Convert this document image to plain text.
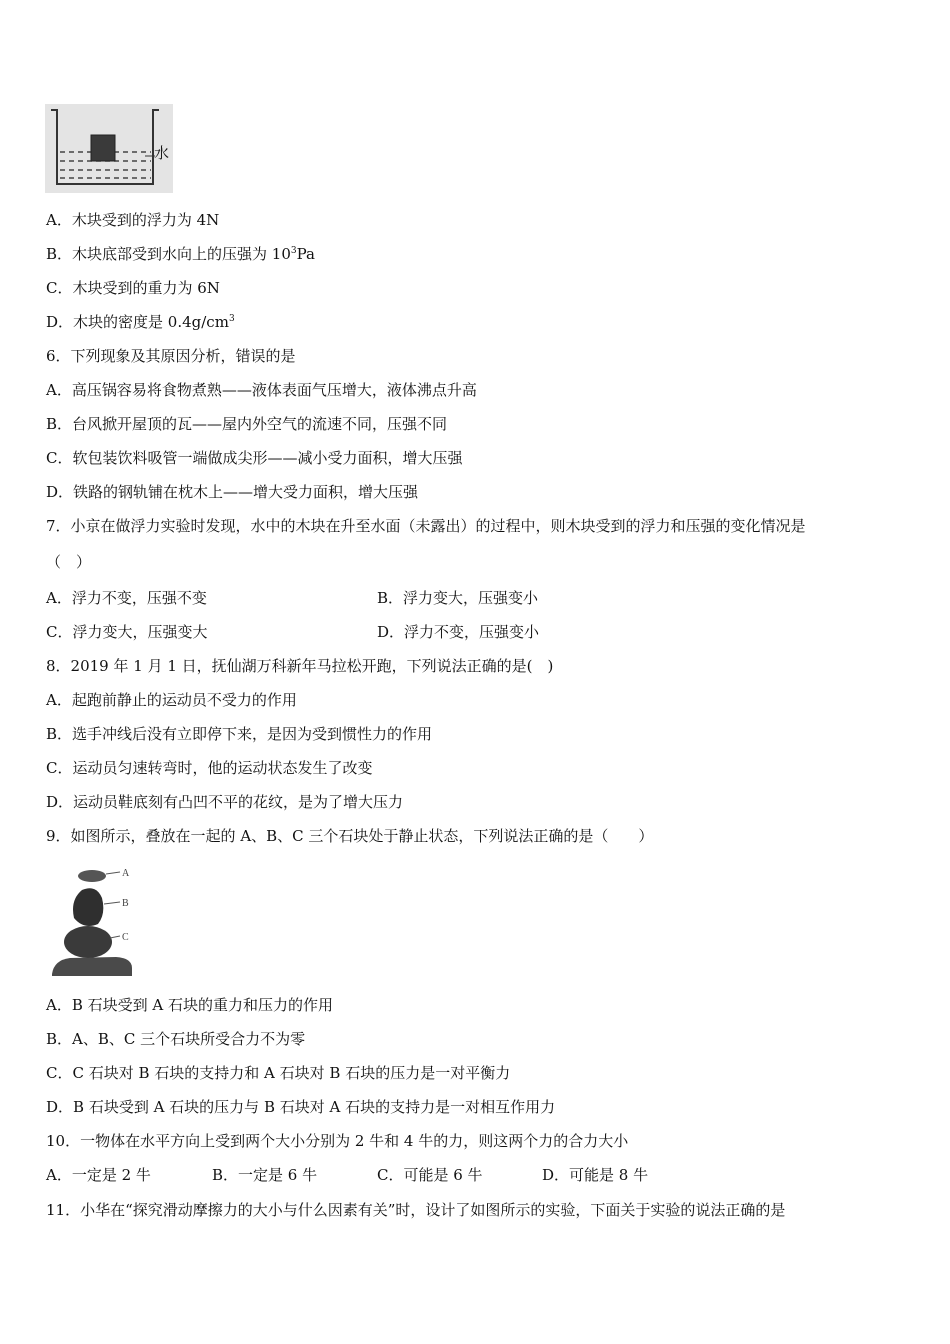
水
A．木块受到的浮力为 4N
B．木块底部受到水向上的压强为 $10^3Pa$
C．木块受到的重力为 6N
D．木块的密度是 $0.4g/cm^3$
6．下列现象及其原因分析，错误的是
A．高压锅容易将食物煮熟——液体表面气压增大，液体沸点升高
B．台风掀开屋顶的瓦——屋内外空气的流速不同，压强不同
C．软包装饮料吸管一端做成尖形——减小受力面积，增大压强
D．铁路的钢轨铺在枕木上——增大受力面积，增大压强
7．小京在做浮力实验时发现，水中的木块在升至水面（未露出）的过程中，则木块受到的浮力和压强的变化情况是
（　）
A．浮力不变，压强不变	B．浮力变大，压强变小
C．浮力变大，压强变大	D．浮力不变，压强变小
8．2019 年 1 月 1 日，抚仙湖万科新年马拉松开跑，下列说法正确的是(　)
A．起跑前静止的运动员不受力的作用
B．选手冲线后没有立即停下来，是因为受到惯性力的作用
C．运动员匀速转弯时，他的运动状态发生了改变
D．运动员鞋底刻有凸凹不平的花纹，是为了增大压力
9．如图所示，叠放在一起的 A、B、C 三个石块处于静止状态，下列说法正确的是（　　）
A
B
C
A．B 石块受到 A 石块的重力和压力的作用
B．A、B、C 三个石块所受合力不为零
C．C 石块对 B 石块的支持力和 A 石块对 B 石块的压力是一对平衡力
D．B 石块受到 A 石块的压力与 B 石块对 A 石块的支持力是一对相互作用力
10．一物体在水平方向上受到两个大小分别为 2 牛和 4 牛的力，则这两个力的合力大小
A．一定是 2 牛	B．一定是 6 牛	C．可能是 6 牛	D．可能是 8 牛
11．小华在“探究滑动摩擦力的大小与什么因素有关”时，设计了如图所示的实验，下面关于实验的说法正确的是
